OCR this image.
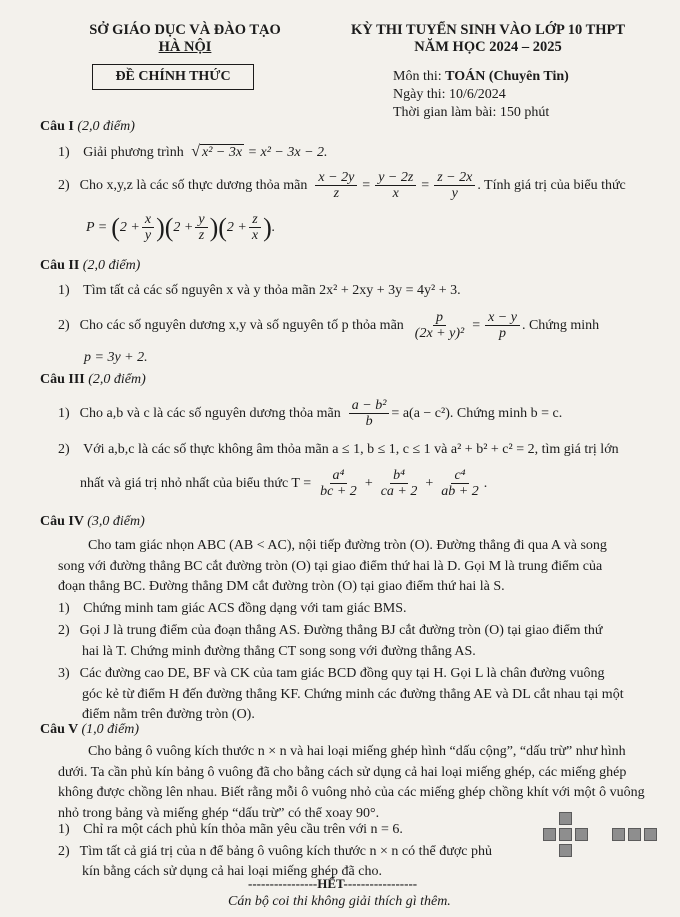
SỞ GIÁO DỤC VÀ ĐÀO TẠO
HÀ NỘI
KỲ THI TUYỂN SINH VÀO LỚP 10 THPT
NĂM HỌC 2024 – 2025
ĐỀ CHÍNH THỨC	Môn thi: TOÁN (Chuyên Tin)
Ngày thi: 10/6/2024
Thời gian làm bài: 150 phút
Câu I (2,0 điểm)
1) Giải phương trình √ x² − 3x = x² − 3x − 2.
2) Cho x,y,z là các số thực dương thỏa mãn $\frac{x - 2y}{z} = \frac{y - 2z}{x} = \frac{z - 2x}{y}$ . Tính giá trị của biểu thức
P = ( $2 + \frac{x}{y}$ )( $2 + \frac{y}{z}$ )( $2 + \frac{z}{x}$ ) .
Câu II (2,0 điểm)
1) Tìm tất cả các số nguyên x và y thỏa mãn 2x² + 2xy + 3y = 4y² + 3.
2) Cho các số nguyên dương x,y và số nguyên tố p thỏa mãn $\frac{p}{\text{(2x + y)²}} = \frac{x - y}{p}$ . Chứng minh
p = 3y + 2.
Câu III (2,0 điểm)
1) Cho a,b và c là các số nguyên dương thỏa mãn $\frac{\text{a − b²}}{b} = a(a - c^2)$. Chứng minh b = c.
2) Với a,b,c là các số thực không âm thỏa mãn a ≤ 1, b ≤ 1, c ≤ 1 và a² + b² + c² = 2, tìm giá trị lớn
nhất và giá trị nhỏ nhất của biểu thức $T = \frac{\text{a⁴}}{bc + 2} + \frac{\text{b⁴}}{ca + 2} + \frac{\text{c⁴}}{ab + 2}$ .
Câu IV (3,0 điểm)
Cho tam giác nhọn ABC (AB < AC), nội tiếp đường tròn (O). Đường thẳng đi qua A và song
song với đường thẳng BC cắt đường tròn (O) tại giao điểm thứ hai là D. Gọi M là trung điểm của
đoạn thẳng BC. Đường thẳng DM cắt đường tròn (O) tại giao điểm thứ hai là S.
1) Chứng minh tam giác ACS đồng dạng với tam giác BMS.
2) Gọi J là trung điểm của đoạn thẳng AS. Đường thẳng BJ cắt đường tròn (O) tại giao điểm thứ
hai là T. Chứng minh đường thẳng CT song song với đường thẳng AS.
3) Các đường cao DE, BF và CK của tam giác BCD đồng quy tại H. Gọi L là chân đường vuông
góc kẻ từ điểm H đến đường thẳng KF. Chứng minh các đường thẳng AE và DL cắt nhau tại một
điểm nằm trên đường tròn (O).
Câu V (1,0 điểm)
Cho bảng ô vuông kích thước n × n và hai loại miếng ghép hình “dấu cộng”, “dấu trừ” như hình
dưới. Ta cần phủ kín bảng ô vuông đã cho bằng cách sử dụng cả hai loại miếng ghép, các miếng ghép
không được chồng lên nhau. Biết rằng mỗi ô vuông nhỏ của các miếng ghép chồng khít với một ô vuông
nhỏ trong bảng và miếng ghép “dấu trừ” có thể xoay 90°.
1) Chỉ ra một cách phủ kín thỏa mãn yêu cầu trên với n = 6.
2) Tìm tất cả giá trị của n để bảng ô vuông kích thước n × n có thể được phủ
kín bằng cách sử dụng cả hai loại miếng ghép đã cho.
----------------HẾT-----------------
Cán bộ coi thi không giải thích gì thêm.
